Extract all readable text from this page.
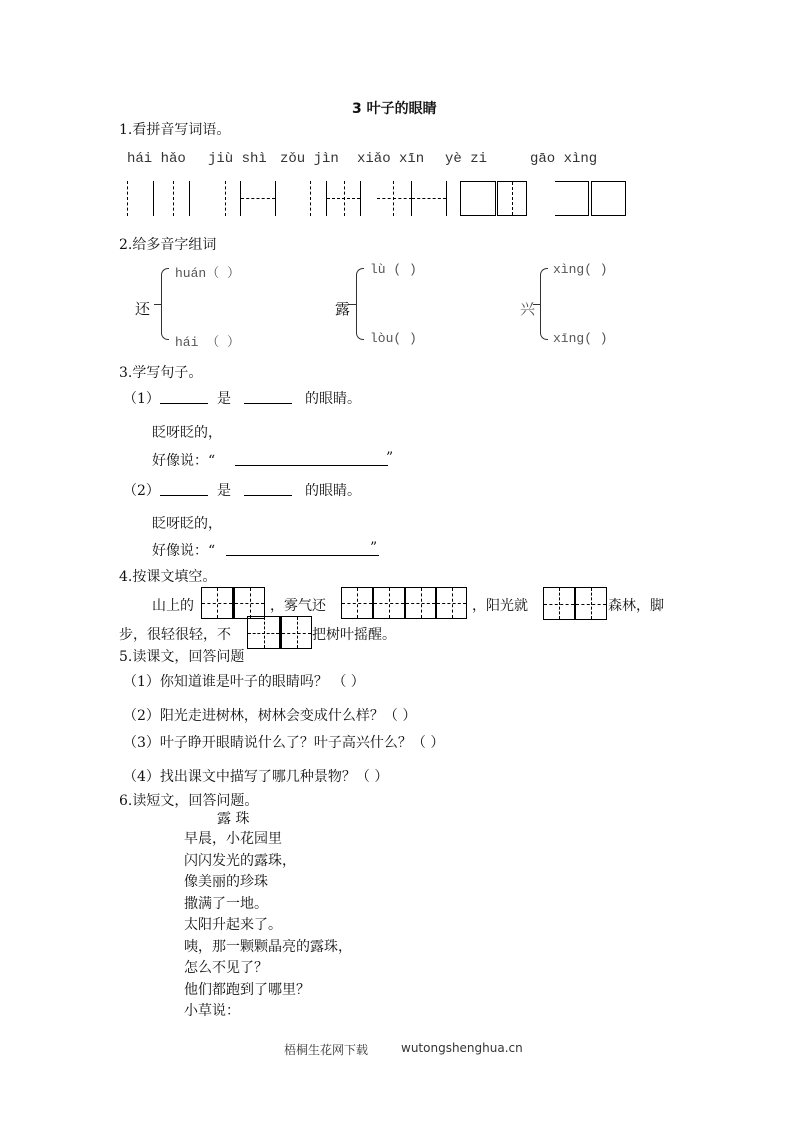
3 叶子的眼睛
1.看拼音写词语。
hái hǎo jiù shì zǒu jìn xiǎo xīn yè zi	gāo xìng
2.给多音字组词
还
huán（ ）
hái （ ）
露
lù ( )
lòu( )
兴
xìng( )
xīng( )
3.学写句子。
（1）	是	的眼睛。
眨呀眨的，
好像说：“	”
（2）	是	的眼睛。
眨呀眨的，
好像说：“	”
4.按课文填空。
山上的	，雾气还	，阳光就	森林，脚
步，很轻很轻，不	把树叶摇醒。
5.读课文，回答问题
（1）你知道谁是叶子的眼睛吗？ （ ）
（2）阳光走进树林，树林会变成什么样？（ ）
（3）叶子睁开眼睛说什么了？叶子高兴什么？（ ）
（4）找出课文中描写了哪几种景物？（ ）
6.读短文，回答问题。
露 珠
早晨，小花园里
闪闪发光的露珠，
像美丽的珍珠
撒满了一地。
太阳升起来了。
咦，那一颗颗晶亮的露珠，
怎么不见了？
他们都跑到了哪里？
小草说：
梧桐生花网下载	wutongshenghua.cn
